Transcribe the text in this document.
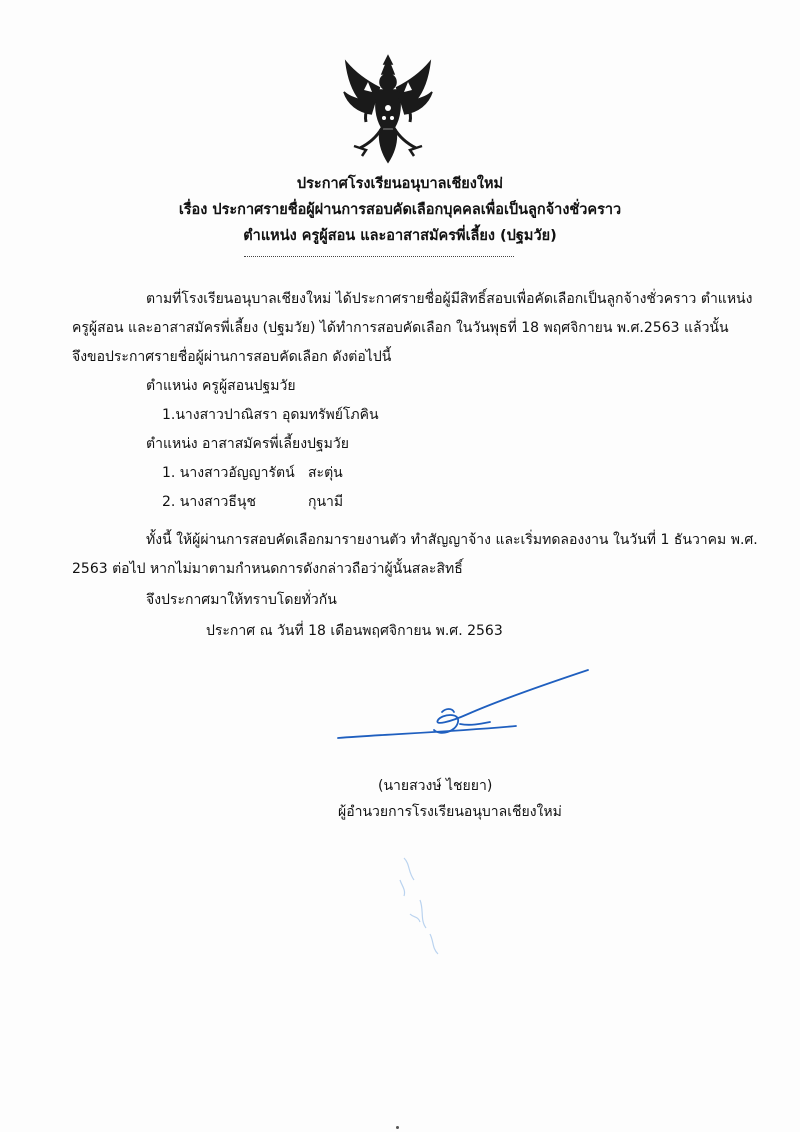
ประกาศโรงเรียนอนุบาลเชียงใหม่
เรื่อง ประกาศรายชื่อผู้ผ่านการสอบคัดเลือกบุคคลเพื่อเป็นลูกจ้างชั่วคราว
ตำแหน่ง ครูผู้สอน และอาสาสมัครพี่เลี้ยง (ปฐมวัย)
ตามที่โรงเรียนอนุบาลเชียงใหม่ ได้ประกาศรายชื่อผู้มีสิทธิ์สอบเพื่อคัดเลือกเป็นลูกจ้างชั่วคราว ตำแหน่ง
ครูผู้สอน และอาสาสมัครพี่เลี้ยง (ปฐมวัย) ได้ทำการสอบคัดเลือก ในวันพุธที่ 18 พฤศจิกายน พ.ศ.2563 แล้วนั้น
จึงขอประกาศรายชื่อผู้ผ่านการสอบคัดเลือก ดังต่อไปนี้
ตำแหน่ง ครูผู้สอนปฐมวัย
1.นางสาวปาณิสรา อุดมทรัพย์โภคิน
ตำแหน่ง อาสาสมัครพี่เลี้ยงปฐมวัย
1. นางสาวอัญญารัตน์ สะตุ่น
2. นางสาวธีนุช	กุนามี
ทั้งนี้ ให้ผู้ผ่านการสอบคัดเลือกมารายงานตัว ทำสัญญาจ้าง และเริ่มทดลองงาน ในวันที่ 1 ธันวาคม พ.ศ.
2563 ต่อไป หากไม่มาตามกำหนดการดังกล่าวถือว่าผู้นั้นสละสิทธิ์
จึงประกาศมาให้ทราบโดยทั่วกัน
ประกาศ ณ วันที่ 18 เดือนพฤศจิกายน พ.ศ. 2563
(นายสวงษ์ ไชยยา)
ผู้อำนวยการโรงเรียนอนุบาลเชียงใหม่
